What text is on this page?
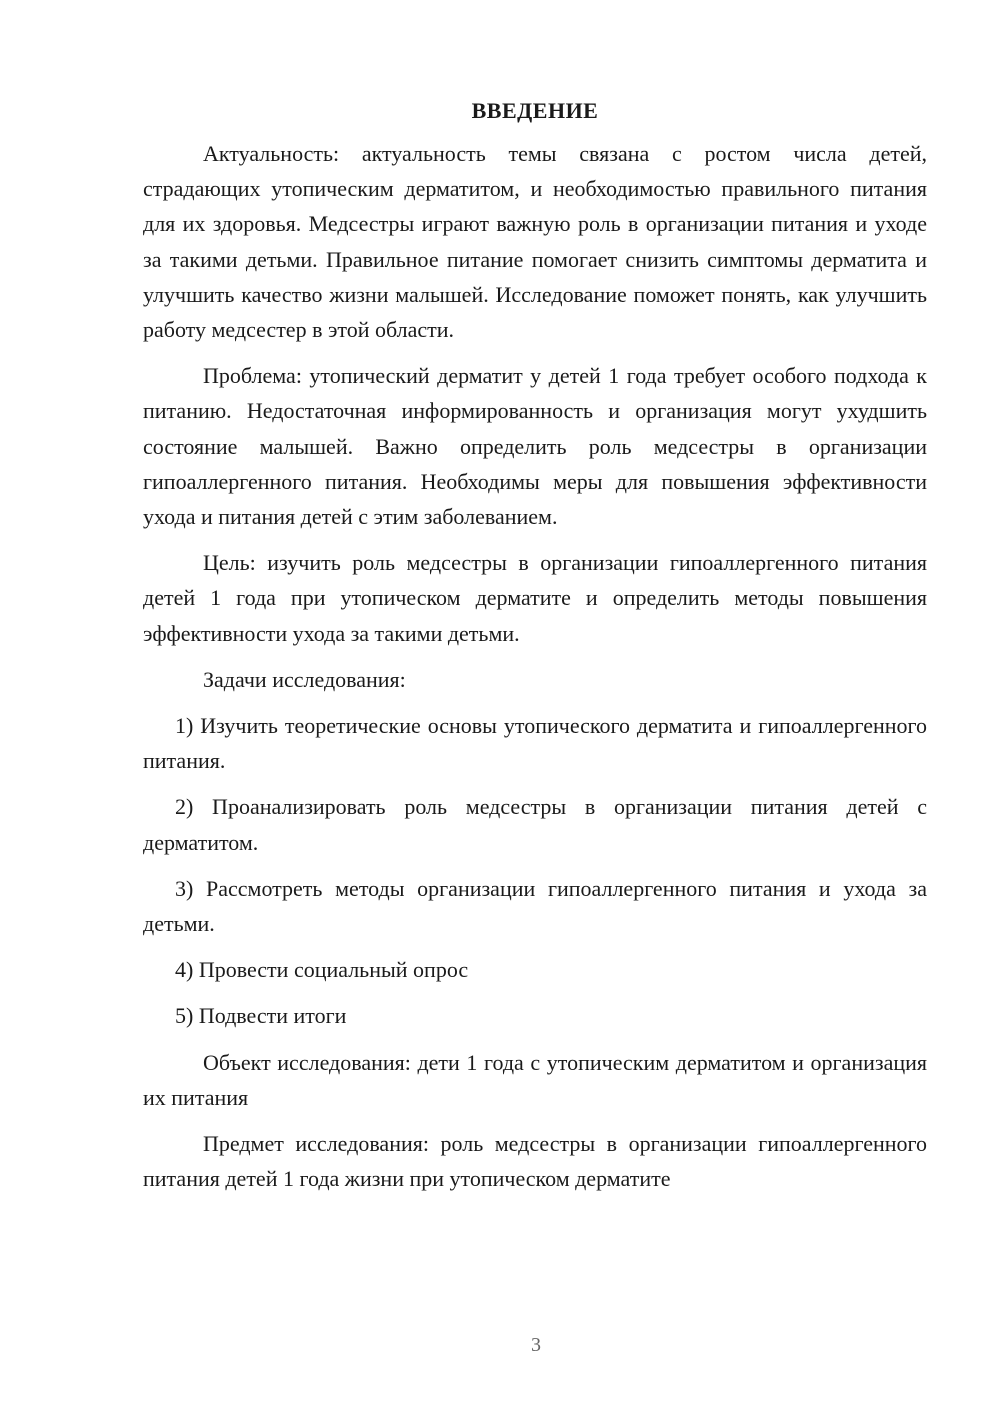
ВВЕДЕНИЕ

Актуальность: актуальность темы связана с ростом числа детей, страдающих утопическим дерматитом, и необходимостью правильного питания для их здоровья. Медсестры играют важную роль в организации питания и уходе за такими детьми. Правильное питание помогает снизить симптомы дерматита и улучшить качество жизни малышей. Исследование поможет понять, как улучшить работу медсестер в этой области.

Проблема: утопический дерматит у детей 1 года требует особого подхода к питанию. Недостаточная информированность и организация могут ухудшить состояние малышей. Важно определить роль медсестры в организации гипоаллергенного питания. Необходимы меры для повышения эффективности ухода и питания детей с этим заболеванием.

Цель: изучить роль медсестры в организации гипоаллергенного питания детей 1 года при утопическом дерматите и определить методы повышения эффективности ухода за такими детьми.

Задачи исследования:

1) Изучить теоретические основы утопического дерматита и гипоаллергенного питания.

2) Проанализировать роль медсестры в организации питания детей с дерматитом.

3) Рассмотреть методы организации гипоаллергенного питания и ухода за детьми.

4) Провести социальный опрос

5) Подвести итоги

Объект исследования: дети 1 года с утопическим дерматитом и организация их питания

Предмет исследования: роль медсестры в организации гипоаллергенного питания детей 1 года жизни при утопическом дерматите

3
